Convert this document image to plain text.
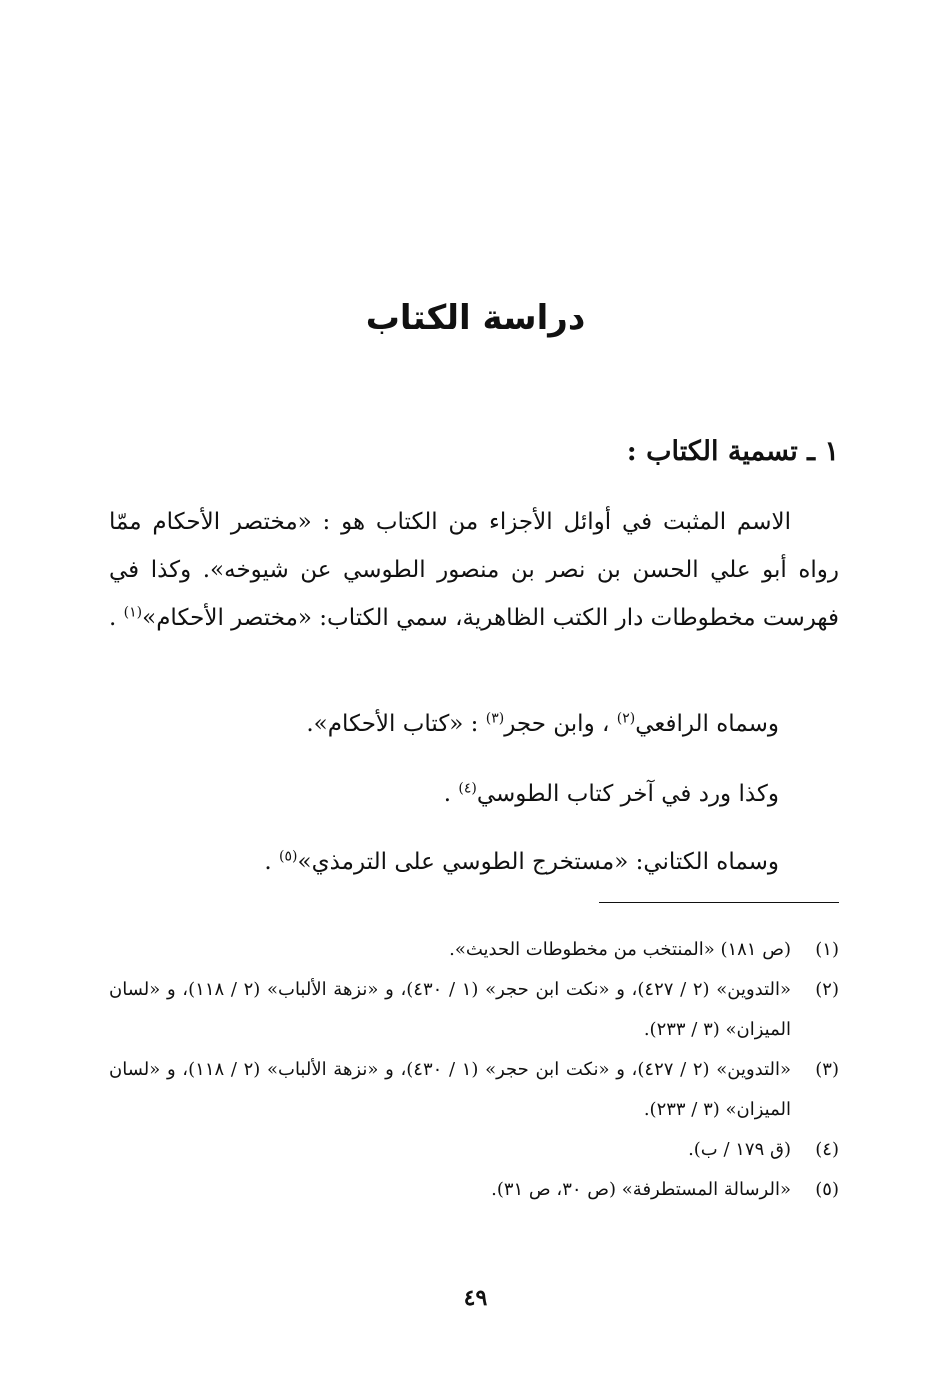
دراسة الكتاب
١ ـ تسمية الكتاب :

الاسم المثبت في أوائل الأجزاء من الكتاب هو : «مختصر الأحكام ممّا رواه أبو علي الحسن بن نصر بن منصور الطوسي عن شيوخه». وكذا في فهرست مخطوطات دار الكتب الظاهرية، سمي الكتاب: «مختصر الأحكام»$^{(١)}$ .

وسماه الرافعي$^{(٢)}$ ، وابن حجر$^{(٣)}$ : «كتاب الأحكام».

وكذا ورد في آخر كتاب الطوسي$^{(٤)}$ .

وسماه الكتاني: «مستخرج الطوسي على الترمذي»$^{(٥)}$ .

(١)
(ص ١٨١) «المنتخب من مخطوطات الحديث».
(٢)
«التدوين» (٢ / ٤٢٧)، و «نكت ابن حجر» (١ / ٤٣٠)، و «نزهة الألباب» (٢ / ١١٨)، و «لسان الميزان» (٣ / ٢٣٣).
(٣)
«التدوين» (٢ / ٤٢٧)، و «نكت ابن حجر» (١ / ٤٣٠)، و «نزهة الألباب» (٢ / ١١٨)، و «لسان الميزان» (٣ / ٢٣٣).
(٤)
(ق ١٧٩ / ب).
(٥)
«الرسالة المستطرفة» (ص ٣٠، ص ٣١).

٤٩
